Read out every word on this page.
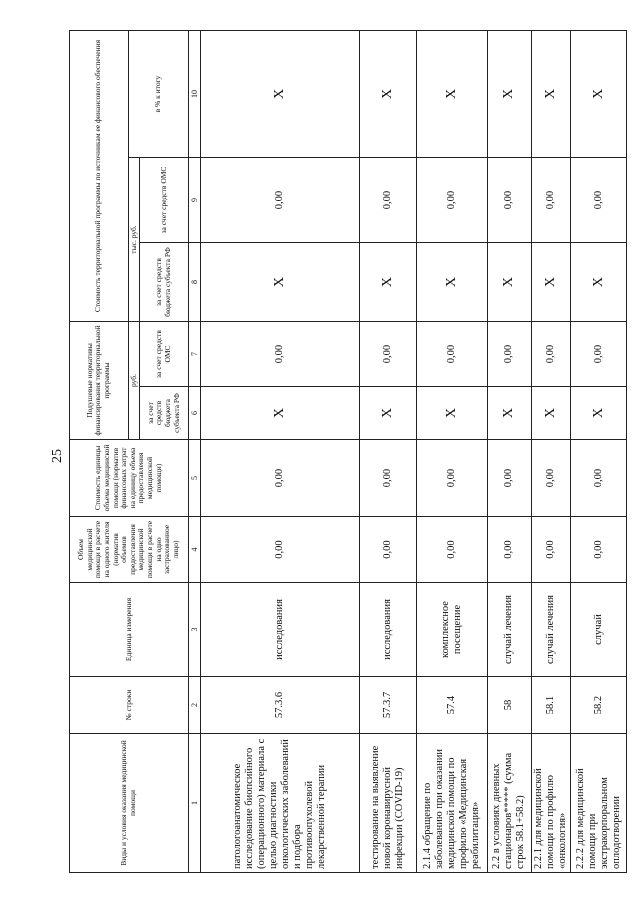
25
Виды и условия оказания медицинской помощи	№ строки	Единица измерения	Объем медицинской помощи в расчете на одного жителя (норматив объемов предоставления медицинской помощи в расчете на одно застрахованное лицо)	Стоимость единицы объема медицинской помощи (норматив финансовых затрат на единицу объема предоставления медицинской помощи)	Подушевые нормативы финансирования территориальной программы		Стоимость территориальной программы по источникам ее финансового обеспечения		
					руб.		тыс. руб.		в % к итогу
					за счет средств бюджета субъекта РФ	за счет средств ОМС	за счет средств бюджета субъекта РФ	за счет средств ОМС	
1	2	3	4	5	6	7	8	9	10
патологоанатомическое исследование биопсийного (операционного) материала с целью диагностики онкологических заболеваний и подбора противоопухолевой лекарственной терапии	57.3.6	исследования	0,00	0,00	X	0,00	X	0,00	X
тестирование на выявление новой коронавирусной инфекции (COVID-19)	57.3.7	исследования	0,00	0,00	X	0,00	X	0,00	X
2.1.4 обращение по заболеванию при оказании медицинской помощи по профилю «Медицинская реабилитация»	57.4	комплексное посещение	0,00	0,00	X	0,00	X	0,00	X
2.2 в условиях дневных стационаров***** (сумма строк 58.1+58.2)	58	случай лечения	0,00	0,00	X	0,00	X	0,00	X
2.2.1 для медицинской помощи по профилю «онкология»	58.1	случай лечения	0,00	0,00	X	0,00	X	0,00	X
2.2.2 для медицинской помощи при экстракорпоральном оплодотворении	58.2	случай	0,00	0,00	X	0,00	X	0,00	X
